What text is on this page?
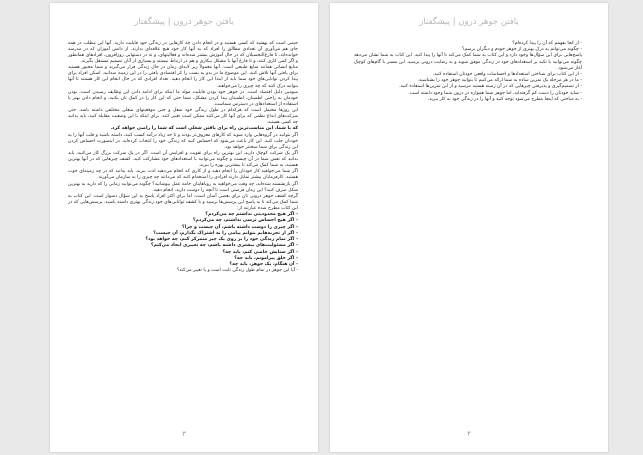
یافتن جوهر درون | پیشگفتار

جیمی است که بهشیه که کسی هستید و در انجام دادن چه کارهایی در زندگی خود قابلیت دارید. آنها این مطلب در همه جای هم می‌آوری آن تعدادی مطالق را افزاد که به آنها کار خود هیچ علاقه‌ای ندارند. از دانش آموزان که در مدرسه خوانده‌اند، تا فارغ‌التحصیلان که در حال آموزش بیشتر شده‌اند و فعالیتهای، و نه در دستهایی روزافزون، افرادهای همانطور و اگر کمی کاری کنند، و تا فارغ آنها با مشکل بیکاری و هم در ارتباط نیستند و بسیاری از آنان تصمیم مستقل بگیرند.

منابع انسانی همانند منابع طبیعی است. آنها معمولاً زیر لایه‌ای زمان در حال زندگی قرار می‌گیرند و شما مجبور هستید برای یافتن آنها تلاش کنید. این موضوع ما در بدو به بسب را کر اقتصادی یافتن را در این زمینه میدانید، اسکن افراد برای پیدا کردن توانایی‌های خود شما باید از ابتدا این کار را انجام دهید. تعداد افرادی که در حال انجام این کار هستند تا آنها بتوانند درک کنند که چه چیزی را می‌خواهند.

سومین دلیل اقتصاد است. در جوهر خود بودن قابلیت مولد ما اینکه برای ادامه دادن این وظایف رسیدن است. بودن خودمان به راحتی اطمینان، اطمینان پیدا کردن مشکل، شما حتی که این کار را در کمک تان بکنید، و انجام دادن بهتر با استفاده از استعدادهای در دسترس شماست.

این روزها محتمل است که هرکدام در طول زندگی خود شغل و حتی موقعیتهای شغلی مختلفی داشته باشد. حتی شرکت‌های ابداع نظمی که برای آنها کار می‌کنند ممکن است تغییر کنند. برای اینکه با این وضعیت مقابله کنید، باید بدانید چه کسی هستید.

که با شما، این مناسب‌ترین راه برای یافتن شغلی است که شما را راضی خواهد کرد.

اگر بتوانید در گروه‌هایی وارد شوید که کارهای معروف‌تر بودند و تا حد زیاد درآمد کسب کنید، داشته باشید و قلب آنها را به خودتان جلب کنید. این کار باعث می‌شود که احساس کنید که زندگی خود را انتخاب کرده‌اید. در اینصورت احساس کردن این زندگی برای شما سختتر خواهد بود.

اگر یک شرکت کوچک دارید، این بهترین راه برای تقویت و افزایش آن است. اگر در یک شرکت بزرگ کار می‌کنید، باید بدانید که نقش شما در آن چیست و چگونه می‌توانید با استعدادهای خود مشارکت کنید. کشف چیزهایی که در آنها بهترین هستید، به شما کمک می‌کند تا بیشترین بهره را ببرید.

اگر شما می‌خواهید کار خودتان را انجام دهید و از کاری که انجام می‌دهید لذت ببرید، باید بدانید که در چه زمینه‌ای خوب هستید. کارفرمایان بیشتر تمایل دارند افرادی را استخدام کنند که می‌دانند چه چیزی را به سازمان می‌آورند.

اگر بازنشسته شده‌اید، چه وقت می‌خواهید به رویاهایتان جامه عمل بپوشانید؟ چگونه می‌توانید زمانی را که دارید به بهترین شکل صرف کنید؟ این زمان فرصتی است تا آنچه را دوست دارید، انجام دهید.

گرچه کشف جوهر درونی تان برای بعضی آسان است، اما برای اکثر افراد پاسخ به این سؤال دشوار است. این کتاب به شما کمک می‌کند تا به پاسخ این پرسش‌ها برسید و با کشف توانایی‌های خود زندگی بهتری داشته باشید. پرسش‌هایی که در این کتاب مطرح شده عبارتند از:

- اگر هیچ محدودیتی نداشتم چه می‌کردم؟

- اگر هیچ احساس ترسی نداشتم، چه می‌کردم؟

- اگر چیزی را دوست داشته باشم، آن چیست و چرا؟

- اگر از تجربه‌هایم بتوانم پیامی را به اشتراک بگذارم، آن چیست؟

- اگر تمام زندگی خود را بر روی یک چیز متمرکز کنم، چه خواهد بود؟

- اگر مسئولیت‌های بیشتری داشته باشم، چه تغییری ایجاد می‌کنم؟

- اگر ستایش خاصی کنم، باید چه؟

- اگر خلق پیرامونم، باید چه؟

- آن هنگام، یک جوهر، باید چه؟

- آیا این جوهر در تمام طول زندگی ثابت است و یا تغییر می‌کند؟

۳
یافتن جوهر درون | پیشگفتار

- از کجا بفهمم که آن را پیدا کرده‌ام؟

- چگونه می‌توانم به درک بهتری از جوهر خودم و دیگران برسم؟

پاسخ‌هایی برای این سؤال‌ها وجود دارد و این کتاب به شما کمک می‌کند تا آنها را پیدا کنید. این کتاب به شما نشان می‌دهد چگونه می‌توانید با تکیه بر استعدادهای خود در زندگی موفق شوید و به رضایت درونی برسید. این مسیر با گام‌های کوچک آغاز می‌شود.

- از این کتاب برای شناختن استعدادها و احساسات واقعی خودتان استفاده کنید.

- ما در هر مرحله یک تمرین ساده به شما ارائه می‌کنیم تا بتوانید جوهر خود را بشناسید.

- از تصمیم‌گیری و پذیرفتن چیزهایی که در آن زمینه هستید نترسید و از این تمرین‌ها استفاده کنید.

- شاید خودتان را دست کم گرفته‌اید، اما جوهر شما همواره در درون شما وجود داشته است.

- به مباحثی که اینجا مطرح می‌شود توجه کنید و آنها را در زندگی خود به کار ببرید.

۴
